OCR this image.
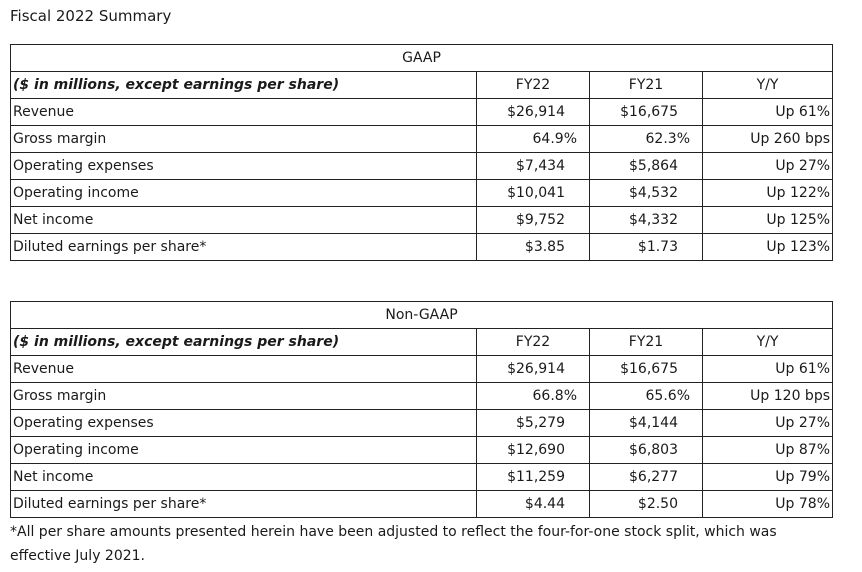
Fiscal 2022 Summary
GAAP			
($ in millions, except earnings per share)	FY22	FY21	Y/Y
Revenue	$26,914	$16,675	Up 61%
Gross margin	64.9%	62.3%	Up 260 bps
Operating expenses	$7,434	$5,864	Up 27%
Operating income	$10,041	$4,532	Up 122%
Net income	$9,752	$4,332	Up 125%
Diluted earnings per share*	$3.85	$1.73	Up 123%
Non-GAAP			
($ in millions, except earnings per share)	FY22	FY21	Y/Y
Revenue	$26,914	$16,675	Up 61%
Gross margin	66.8%	65.6%	Up 120 bps
Operating expenses	$5,279	$4,144	Up 27%
Operating income	$12,690	$6,803	Up 87%
Net income	$11,259	$6,277	Up 79%
Diluted earnings per share*	$4.44	$2.50	Up 78%
*All per share amounts presented herein have been adjusted to reflect the four-for-one stock split, which was effective July 2021.
